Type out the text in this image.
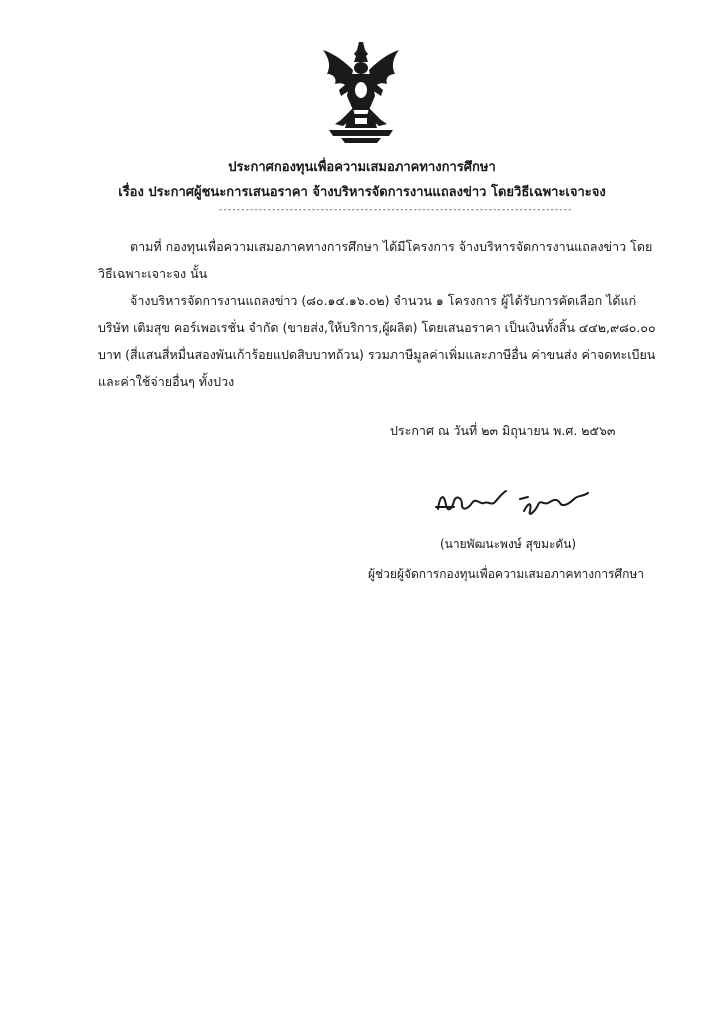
ประกาศกองทุนเพื่อความเสมอภาคทางการศึกษา
เรื่อง ประกาศผู้ชนะการเสนอราคา จ้างบริหารจัดการงานแถลงข่าว โดยวิธีเฉพาะเจาะจง
--------------------------------------------------------------------------------
ตามที่ กองทุนเพื่อความเสมอภาคทางการศึกษา ได้มีโครงการ จ้างบริหารจัดการงานแถลงข่าว โดยวิธีเฉพาะเจาะจง นั้น
จ้างบริหารจัดการงานแถลงข่าว (๘๐.๑๔.๑๖.๐๒) จำนวน ๑ โครงการ ผู้ได้รับการคัดเลือก ได้แก่ บริษัท เติมสุข คอร์เพอเรชั่น จำกัด (ขายส่ง,ให้บริการ,ผู้ผลิต) โดยเสนอราคา เป็นเงินทั้งสิ้น ๔๔๒,๙๘๐.๐๐ บาท (สี่แสนสี่หมื่นสองพันเก้าร้อยแปดสิบบาทถ้วน) รวมภาษีมูลค่าเพิ่มและภาษีอื่น ค่าขนส่ง ค่าจดทะเบียน และค่าใช้จ่ายอื่นๆ ทั้งปวง
ประกาศ ณ วันที่ ๒๓ มิถุนายน พ.ศ. ๒๕๖๓
(นายพัฒนะพงษ์ สุขมะดัน)
ผู้ช่วยผู้จัดการกองทุนเพื่อความเสมอภาคทางการศึกษา
